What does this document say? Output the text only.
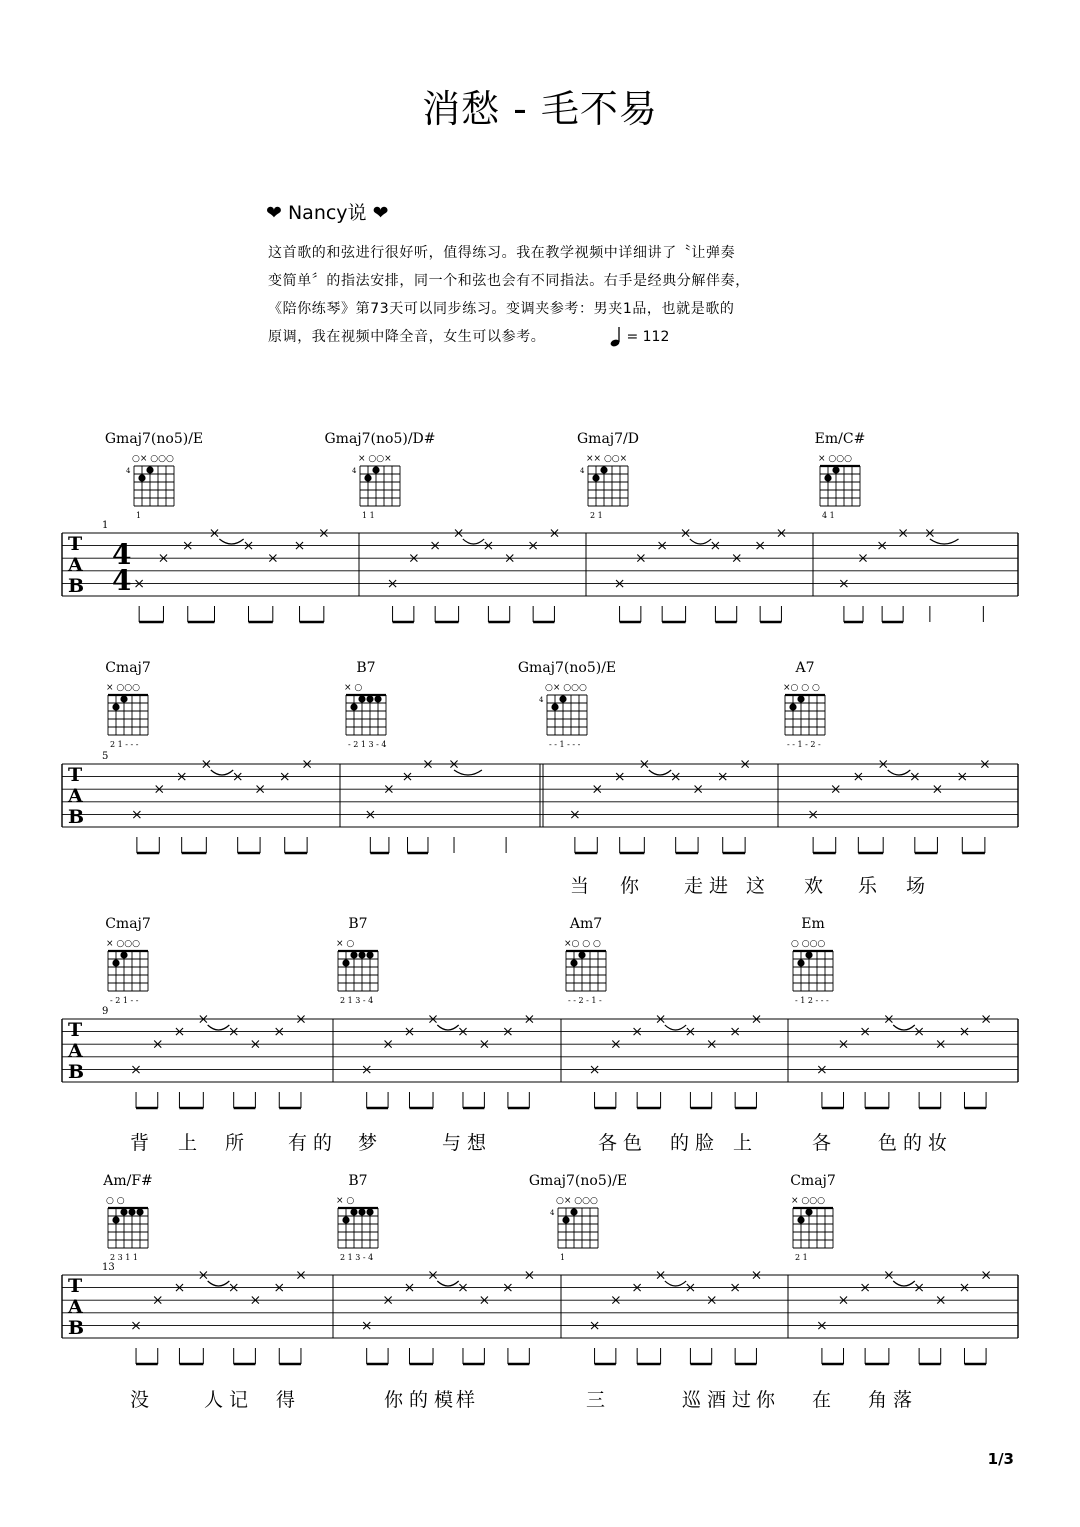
消愁 - 毛不易
❤ Nancy说 ❤
这首歌的和弦进行很好听，值得练习。我在教学视频中详细讲了〝让弹奏
变简单〞的指法安排，同一个和弦也会有不同指法。右手是经典分解伴奏，
《陪你练琴》第73天可以同步练习。变调夹参考：男夹1品，也就是歌的
原调，我在视频中降全音，女生可以参考。	= 112
T
A
B
4
4
1
×
×
×
×
×
×
×
×
×
×
×
×
×
×
×
×
×
×
×
×
×
×
×
×
×
×
×
× ×
Gmaj7(no5)/E
○× ○○○
4
1
Gmaj7(no5)/D#
× ○○×
4
1 1
Gmaj7/D
×× ○○×
4
2 1
Em/C#
× ○○○
4 1
T
A
B
5
×
×
×
×
×
×
×
×
×
×
×
× ×
×
×
×
×
×
×
×
×
×
×
×
×
×
×
×
×
Cmaj7
× ○○○
2 1 - - -
B7
× ○
- 2 1 3 - 4
Gmaj7(no5)/E
○× ○○○
4
- - 1 - - -
A7
×○ ○ ○
- - 1 - 2 -
当 你 走进 这 欢 乐 场
T
A
B
9
×
×
×
×
×
×
×
×
×
×
×
×
×
×
×
×
×
×
×
×
×
×
×
×
×
×
×
×
×
×
×
×
Cmaj7
× ○○○
- 2 1 - -
B7
× ○
2 1 3 - 4
Am7
×○ ○ ○
- - 2 - 1 -
Em
○ ○○○
- 1 2 - - -
背 上 所 有的 梦	与想	各色 的脸 上	各 色的妆
T
A
B
13
×
×
×
×
×
×
×
×
×
×
×
×
×
×
×
×
×
×
×
×
×
×
×
×
×
×
×
×
×
×
×
×
Am/F#
○ ○
2 3 1 1
B7
× ○
2 1 3 - 4
Gmaj7(no5)/E
○× ○○○
4
1
Cmaj7
× ○○○
2 1
没	人记 得	你的模
样	三	巡酒过
你 在 角落
1/3
